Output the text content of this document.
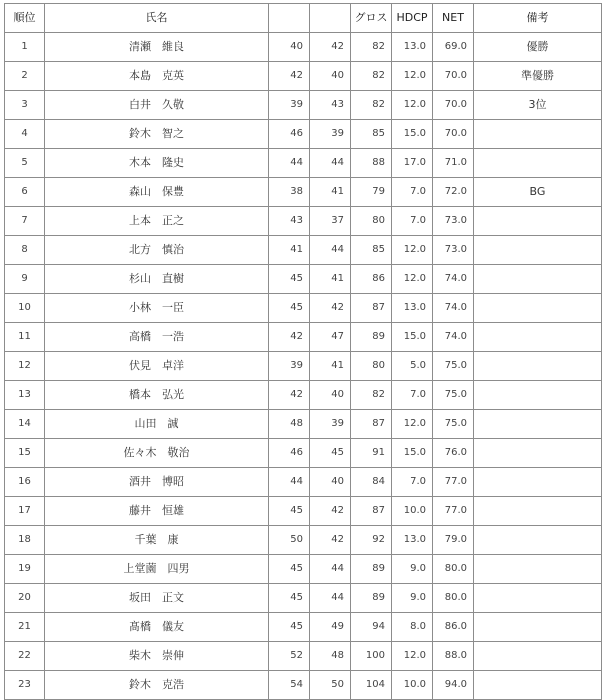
順位	氏名			グロス	HDCP	NET	備考
1	清瀬　維良	40	42	82	13.0	69.0	優勝
2	本島　克英	42	40	82	12.0	70.0	準優勝
3	白井　久敬	39	43	82	12.0	70.0	3位
4	鈴木　智之	46	39	85	15.0	70.0	
5	木本　隆史	44	44	88	17.0	71.0	
6	森山　保豊	38	41	79	7.0	72.0	BG
7	上本　正之	43	37	80	7.0	73.0	
8	北方　慎治	41	44	85	12.0	73.0	
9	杉山　直樹	45	41	86	12.0	74.0	
10	小林　一臣	45	42	87	13.0	74.0	
11	高橋　一浩	42	47	89	15.0	74.0	
12	伏見　卓洋	39	41	80	5.0	75.0	
13	橋本　弘光	42	40	82	7.0	75.0	
14	山田　誠	48	39	87	12.0	75.0	
15	佐々木　敬治	46	45	91	15.0	76.0	
16	酒井　博昭	44	40	84	7.0	77.0	
17	藤井　恒雄	45	42	87	10.0	77.0	
18	千葉　康	50	42	92	13.0	79.0	
19	上堂薗　四男	45	44	89	9.0	80.0	
20	坂田　正文	45	44	89	9.0	80.0	
21	髙橋　儀友	45	49	94	8.0	86.0	
22	柴木　崇伸	52	48	100	12.0	88.0	
23	鈴木　克浩	54	50	104	10.0	94.0	
